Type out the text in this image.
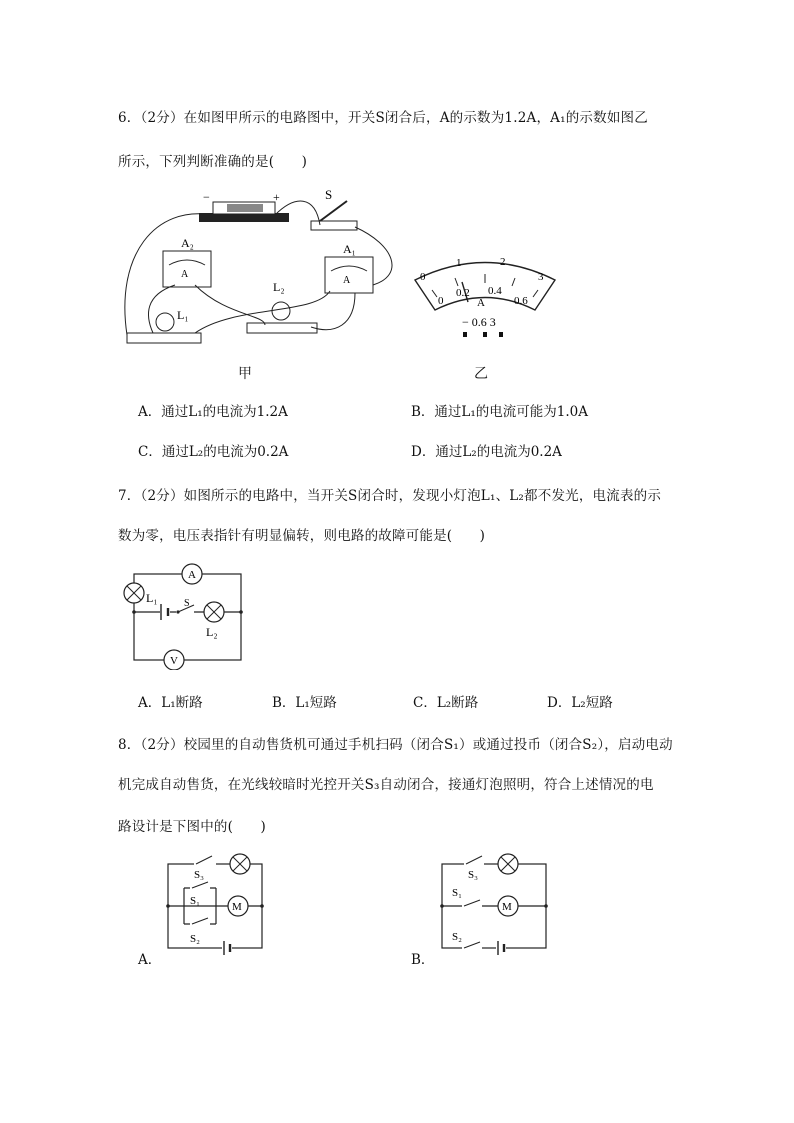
6．（2分）在如图甲所示的电路图中，开关S闭合后，A的示数为1.2A，A₁的示数如图乙
所示，下列判断准确的是(　　)
−	+	S
A
A₂
A
A₁
L₁
L₂
甲
0
1	2
3
0
0.2 0.4
0.6
A
− 0.6 3
乙
A．通过L₁的电流为1.2A	B．通过L₁的电流可能为1.0A
C．通过L₂的电流为0.2A	D．通过L₂的电流为0.2A
7．（2分）如图所示的电路中，当开关S闭合时，发现小灯泡L₁、L₂都不发光，电流表的示
数为零，电压表指针有明显偏转，则电路的故障可能是(　　)
L₁
A
V
S
L₂
A．L₁断路	B．L₁短路	C．L₂断路	D．L₂短路
8．（2分）校园里的自动售货机可通过手机扫码（闭合S₁）或通过投币（闭合S₂），启动电动
机完成自动售货，在光线较暗时光控开关S₃自动闭合，接通灯泡照明，符合上述情况的电
路设计是下图中的(　　)
S₃
S₁
S₂
M
A．
S₃
S₁
M
S₂
B．
